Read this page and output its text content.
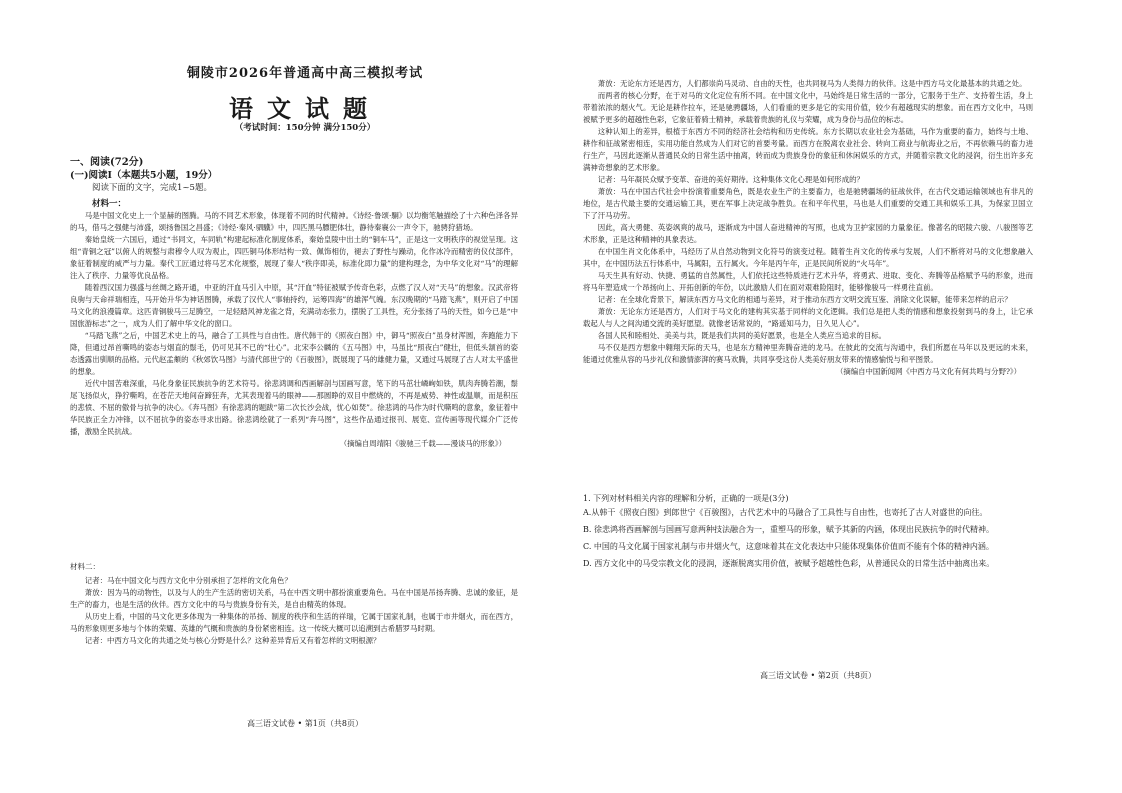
铜陵市2026年普通高中高三模拟考试
语文试题
（考试时间：150分钟 满分150分）
一、阅读(72分)
(一)阅读Ⅰ（本题共5小题，19分）
阅读下面的文字，完成1~5题。
材料一：

马是中国文化史上一个显赫的图腾。马的不同艺术形象，体现着不同的时代精神。《诗经·鲁颂·駉》以均衡笔触描绘了十六种色泽各异的马，借马之强健与沛盛，颂扬鲁国之昌盛；《诗经·秦风·驷驖》中，四匹黑马膘肥体壮，静待秦襄公一声令下，驰骋狩猎场。

秦始皇统一六国后，通过“书同文，车同轨”构建起标准化制度体系，秦始皇陵中出土的“铜车马”，正是这一文明秩序的视觉呈现。这组“青铜之冠”以俯人的规整与肃穆令人叹为观止，四匹铜马体形结构一致、佩饰相仿，褪去了野性与躁动，化作冰冷而精密的仪仗部件，象征着制度的威严与力量。秦代工匠通过将马艺术化规整，展现了秦人“秩序即美，标准化即力量”的建构理念，为中华文化对“马”的理解注入了秩序、力量等优良品格。

随着西汉国力强盛与丝绸之路开通，中亚的汗血马引入中原，其“汗血”特征被赋予传奇色彩，点燃了汉人对“天马”的想象。汉武帝将良驹与天命祥瑞相连，马开始升华为神话图腾，承载了汉代人“事轴持约，运筹四海”的雄浑气魄。东汉晚期的“马踏飞燕”，则开启了中国马文化的浪漫篇章。这匹青铜骏马三足腾空，一足轻踏风神龙雀之背，充满动态张力，摆脱了工具性，充分张扬了马的天性，如今已是“中国旅游标志”之一，成为人们了解中华文化的窗口。

“马踏飞燕”之后，中国艺术史上的马，融合了工具性与自由性。唐代韩干的《照夜白图》中，御马“照夜白”虽身材浑圆，奔跑能力下降，但通过昂首嘶鸣的姿态与烟直的鬃毛，仍可见其不已的“壮心”。北宋李公麟的《五马图》中，马虽比“照夜白”健壮，但低头颔首的姿态透露出驯顺的品格。元代赵孟頫的《秋郊饮马图》与清代郎世宁的《百骏图》，既展现了马的雄健力量，又通过马展现了古人对太平盛世的想象。

近代中国苦难深重，马化身象征民族抗争的艺术符号。徐悲鸿调和西画解剖与国画写意，笔下的马茁壮嶙峋如铁，肌肉奔腾若潮，鬃尾飞扬似火，狰狞嘶鸣，在苍茫天地间奋蹄狂奔，尤其表现着马的眼神——那圆睁的双目中燃烧的，不再是威势、神性或温顺，而是积压的悲愤、不屈的傲骨与抗争的决心。《奔马图》有徐悲鸿的题跋“第二次长沙会战，忧心如焚”。徐悲鸿的马作为时代嘶鸣的意象，象征着中华民族正全力冲锋，以不屈抗争的姿态寻求出路。徐悲鸿绘就了一系列“奔马图”，这些作品通过报刊、展览、宣传画等现代媒介广泛传播，激励全民抗战。

（摘编自周靖阳《骏驰三千载——漫谈马的形象》）

材料二：

记者：马在中国文化与西方文化中分别承担了怎样的文化角色？

萧放：因为马的动物性，以及与人的生产生活的密切关系，马在中西文明中都扮演重要角色。马在中国是吊扬奔腾、忠诚的象征，是生产的畜力，也是生活的伙伴。西方文化中的马与贵族身份有关，是自由精英的体现。

从历史上看，中国的马文化更多体现为一种集体的吊扬、制度的秩序和生活的祥瑞，它属于国家礼制，也属于市井烟火，而在西方，马的形象则更多地与个体的荣耀、英雄的气概和贵族的身份紧密相连。这一传统大概可以追溯到古希腊罗马时期。

记者：中西方马文化的共通之处与核心分野是什么？这种差异背后又有着怎样的文明根源？

高三语文试卷 • 第1页（共8页）

萧放：无论东方还是西方，人们都崇尚马灵动、自由的天性，也共同视马为人类得力的伙伴。这是中西方马文化最基本的共通之处。

而两者的核心分野，在于对马的文化定位有所不同。在中国文化中，马始终是日常生活的一部分，它服务于生产、支持着生活，身上带着浓浓的烟火气。无论是耕作拉车，还是驰骋疆场，人们看重的更多是它的实用价值，较少有超越现实的想象。而在西方文化中，马则被赋予更多的超越性色彩，它象征着骑士精神，承载着贵族的礼仪与荣耀，成为身份与品位的标志。

这种认知上的差异，根植于东西方不同的经济社会结构和历史传统。东方长期以农业社会为基础，马作为重要的畜力，始终与土地、耕作和征战紧密相连，实用功能自然成为人们对它的首要考量。而西方在脱离农业社会、转向工商业与航海业之后，不再依赖马的畜力进行生产，马因此逐渐从普通民众的日常生活中抽离，转而成为贵族身份的象征和休闲娱乐的方式，并随着宗教文化的浸润，衍生出许多充满神奇想象的艺术形象。

记者：马年凝民众赋予变革、奋进的美好期待。这种集体文化心理是如何形成的？

萧放：马在中国古代社会中扮演着重要角色，既是农业生产的主要畜力，也是驰骋疆场的征战伙伴，在古代交通运输领域也有非凡的地位，是古代最主要的交通运输工具，更在军事上决定战争胜负。在和平年代里，马也是人们重要的交通工具和娱乐工具，为保家卫国立下了汗马功劳。

因此，高大勇健、英姿飒爽的战马，逐渐成为中国人奋进精神的写照，也成为卫护家园的力量象征。像著名的昭陵六骏、八骏图等艺术形象，正是这种精神的具象表达。

在中国生肖文化体系中，马经历了从自然动物到文化符号的演变过程。随着生肖文化的传承与发展，人们不断将对马的文化想象融入其中，在中国历法五行体系中，马属阳，五行属火。今年是丙午年，正是民间所说的“火马年”。

马天生具有好动、快捷、勇猛的自然属性，人们依托这些特质进行艺术升华，将勇武、进取、变化、奔腾等品格赋予马的形象，进而将马年塑造成一个昂扬向上、开拓创新的年份，以此激励人们在面对艰难险阻时，能够像骏马一样勇往直前。

记者：在全球化背景下，解读东西方马文化的相通与差异，对于推动东西方文明交流互鉴、消除文化误解，能带来怎样的启示？

萧放：无论东方还是西方，人们对于马文化的建构其实基于同样的文化逻辑。我们总是把人类的情感和想象投射到马的身上，让它承载起人与人之间沟通交流的美好愿望。就像老话常说的，“路遥知马力，日久见人心”。

各国人民和睦相处、美美与共，既是我们共同的美好愿景，也是全人类应当追求的目标。

马不仅是西方想象中翱翔天际的天马，也是东方精神里奔腾奋进的龙马。在彼此的交流与沟通中，我们所愿在马年以及更远的未来，能通过优雅从容的马步礼仪和激情澎湃的赛马欢腾，共同享受这份人类美好朋友带来的情感愉悦与和平图景。

（摘编自中国新闻网《中西方马文化有何共鸣与分野?》）

1. 下列对材料相关内容的理解和分析，正确的一项是(3分)
A.从韩干《照夜白图》到郎世宁《百骏图》，古代艺术中的马融合了工具性与自由性，也寄托了古人对盛世的向往。
B. 徐悲鸿将西画解剖与国画写意两种技法融合为一，重塑马的形象，赋予其新的内涵，体现出民族抗争的时代精神。
C. 中国的马文化属于国家礼制与市井烟火气，这意味着其在文化表达中只能体现集体价值而不能有个体的精神内涵。
D. 西方文化中的马受宗教文化的浸润，逐渐脱离实用价值，被赋予超越性色彩，从普通民众的日常生活中抽离出来。
高三语文试卷 • 第2页（共8页）
